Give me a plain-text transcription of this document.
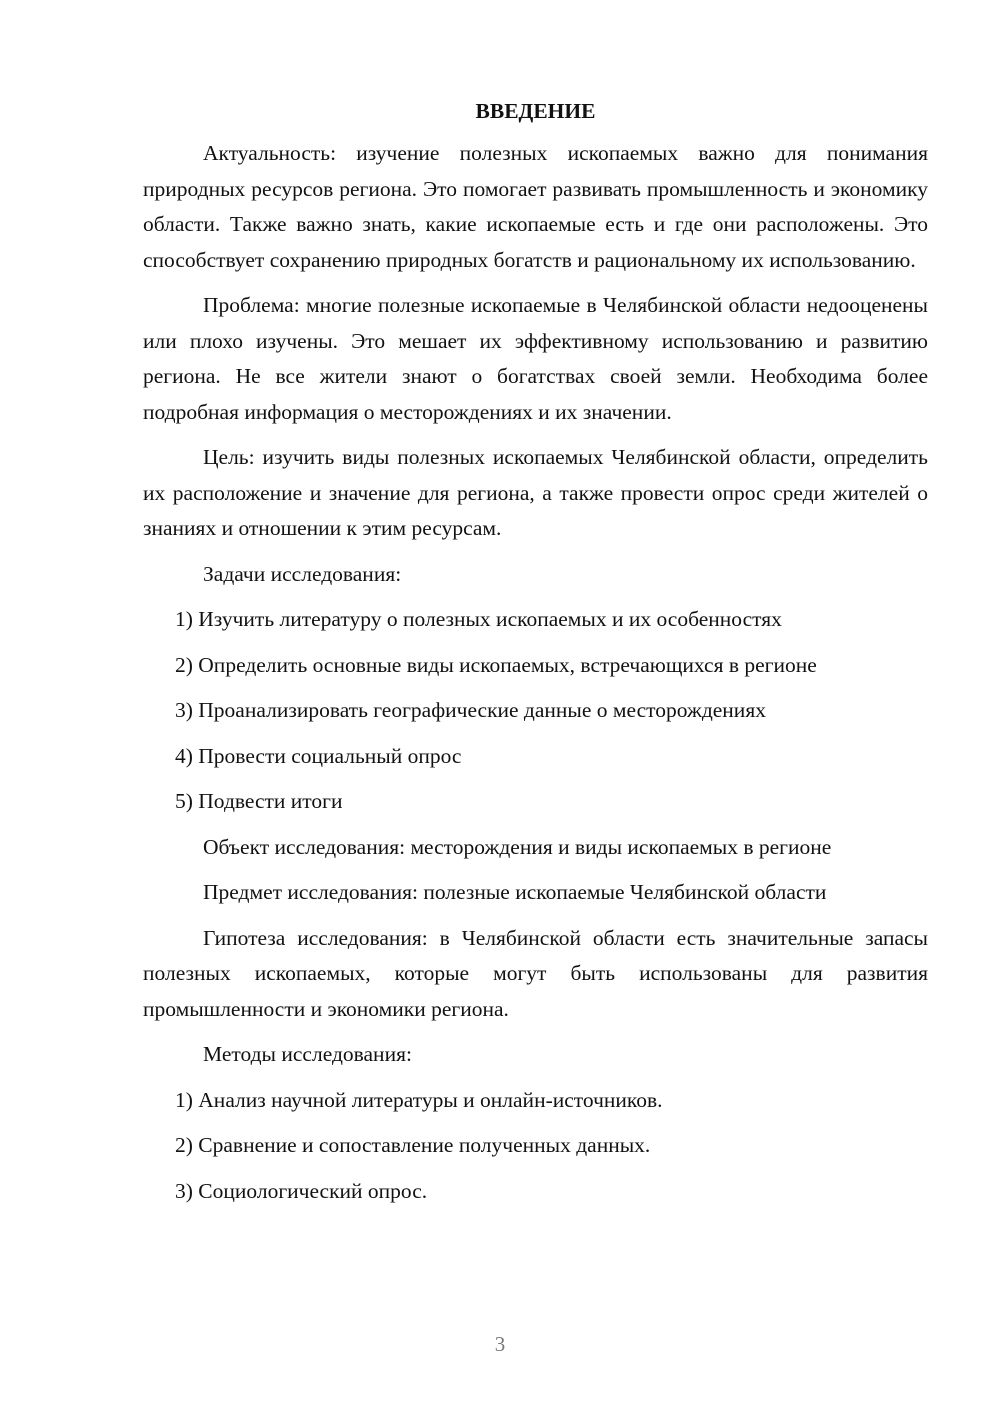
ВВЕДЕНИЕ

Актуальность: изучение полезных ископаемых важно для понимания природных ресурсов региона. Это помогает развивать промышленность и экономику области. Также важно знать, какие ископаемые есть и где они расположены. Это способствует сохранению природных богатств и рациональному их использованию.

Проблема: многие полезные ископаемые в Челябинской области недооценены или плохо изучены. Это мешает их эффективному использованию и развитию региона. Не все жители знают о богатствах своей земли. Необходима более подробная информация о месторождениях и их значении.

Цель: изучить виды полезных ископаемых Челябинской области, определить их расположение и значение для региона, а также провести опрос среди жителей о знаниях и отношении к этим ресурсам.

Задачи исследования:
1) Изучить литературу о полезных ископаемых и их особенностях
2) Определить основные виды ископаемых, встречающихся в регионе
3) Проанализировать географические данные о месторождениях
4) Провести социальный опрос
5) Подвести итоги
Объект исследования: месторождения и виды ископаемых в регионе
Предмет исследования: полезные ископаемые Челябинской области

Гипотеза исследования: в Челябинской области есть значительные запасы полезных ископаемых, которые могут быть использованы для развития промышленности и экономики региона.

Методы исследования:
1) Анализ научной литературы и онлайн-источников.
2) Сравнение и сопоставление полученных данных.
3) Социологический опрос.
3
